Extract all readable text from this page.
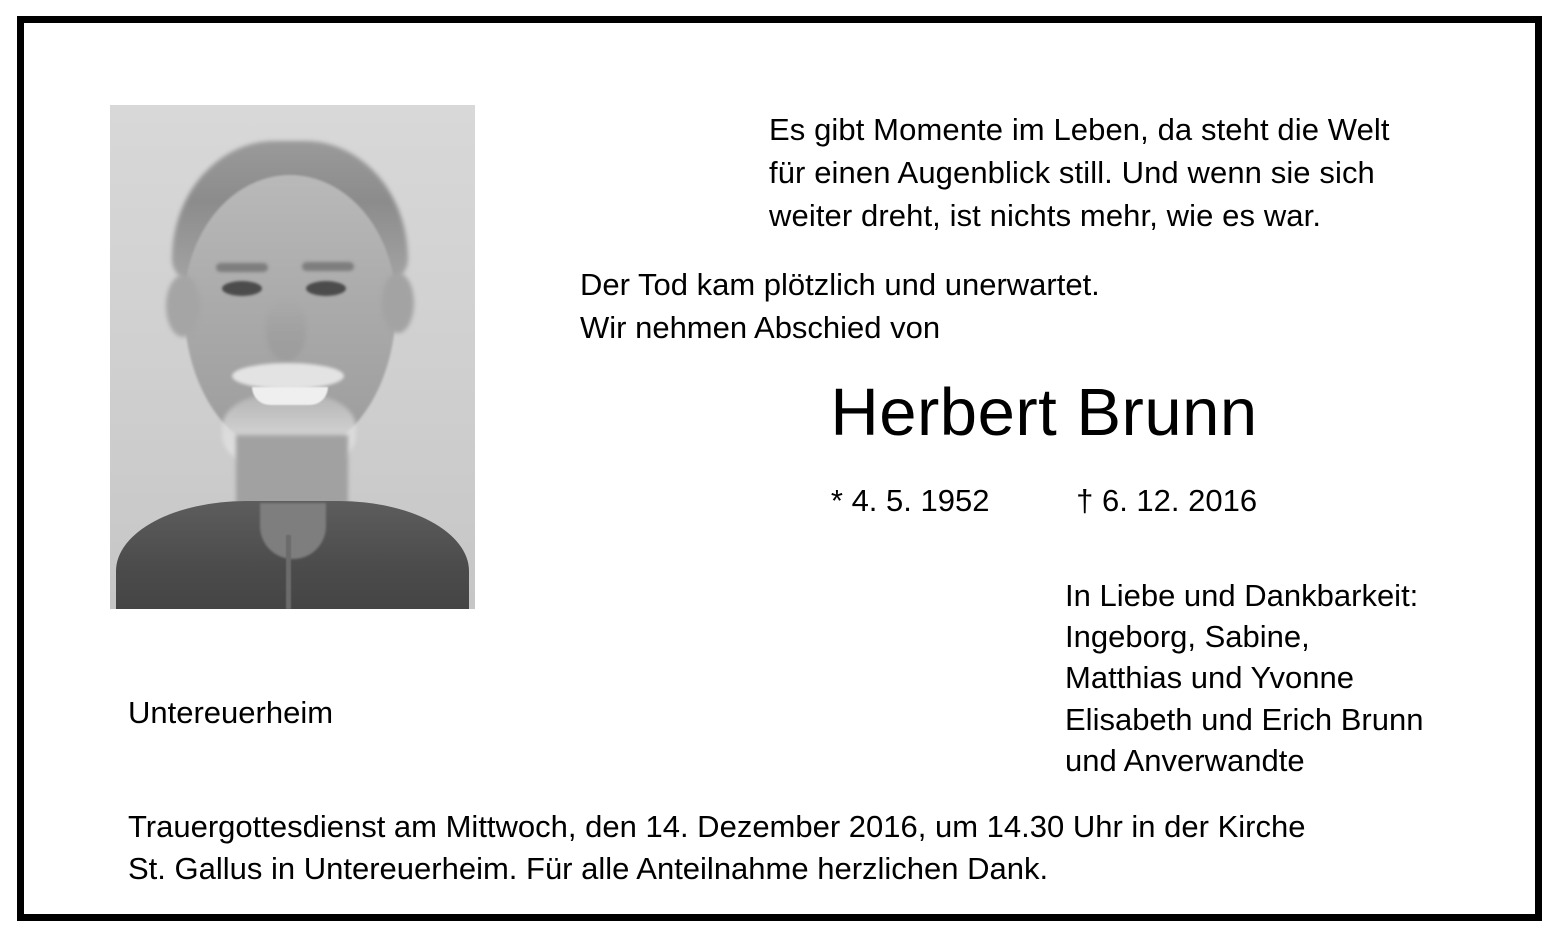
Es gibt Momente im Leben, da steht die Welt
für einen Augenblick still. Und wenn sie sich
weiter dreht, ist nichts mehr, wie es war.
Der Tod kam plötzlich und unerwartet.
Wir nehmen Abschied von
Herbert Brunn
* 4. 5. 1952	† 6. 12. 2016
In Liebe und Dankbarkeit:
Ingeborg, Sabine,
Matthias und Yvonne
Elisabeth und Erich Brunn
und Anverwandte
Untereuerheim
Trauergottesdienst am Mittwoch, den 14. Dezember 2016, um 14.30 Uhr in der Kirche
St. Gallus in Untereuerheim. Für alle Anteilnahme herzlichen Dank.
